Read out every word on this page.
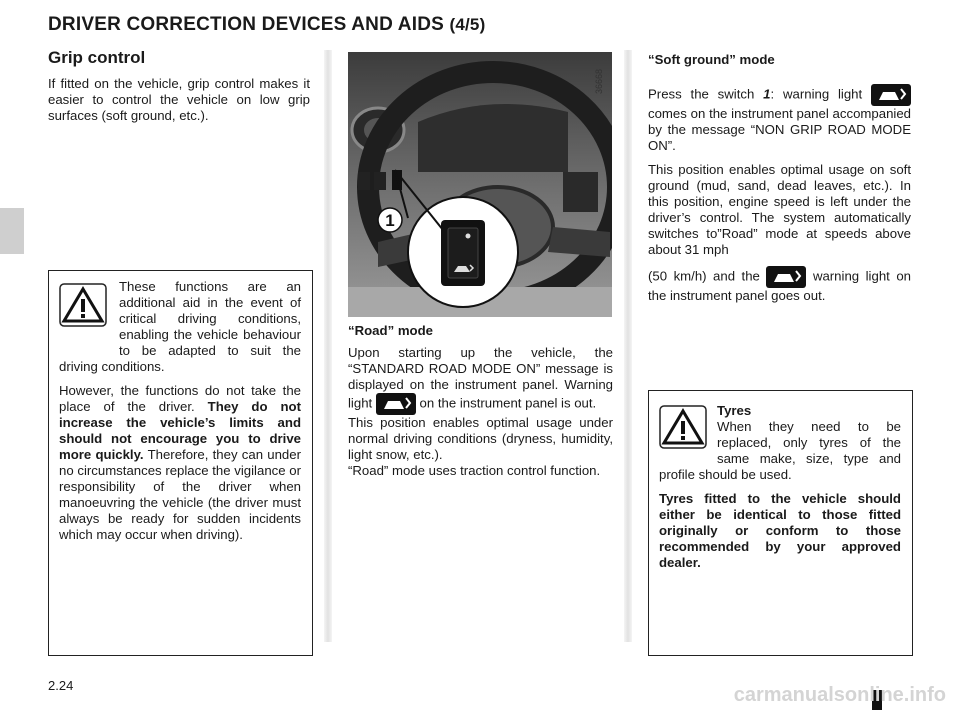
DRIVER CORRECTION DEVICES AND AIDS (4/5)
Grip control

If fitted on the vehicle, grip control makes it easier to control the vehicle on low grip surfaces (soft ground, etc.).

These functions are an additional aid in the event of critical driving conditions, enabling the vehicle behaviour to be adapted to suit the driving conditions.

However, the functions do not take the place of the driver. They do not increase the vehicle’s limits and should not encourage you to drive more quickly. Therefore, they can under no circumstances replace the vigilance or responsibility of the driver when manoeuvring the vehicle (the driver must always be ready for sudden incidents which may occur when driving).

1
36668

“Road” mode

Upon starting up the vehicle, the “STANDARD ROAD MODE ON” message is displayed on the instrument panel. Warning light	on the instrument panel is out.

This position enables optimal usage under normal driving conditions (dryness, humidity, light snow, etc.).

“Road” mode uses traction control function.

“Soft ground” mode

Press the switch 1: warning light
comes on the instrument panel accompanied by the message “NON GRIP ROAD MODE ON”.

This position enables optimal usage on soft ground (mud, sand, dead leaves, etc.). In this position, engine speed is left under the driver’s control. The system automatically switches to”Road” mode at speeds above about 31 mph

(50 km/h) and the	warning light on the instrument panel goes out.

Tyres

When they need to be replaced, only tyres of the same make, size, type and profile should be used.

Tyres fitted to the vehicle should either be identical to those fitted originally or conform to those recommended by your approved dealer.

2.24	carmanualsonline.info
